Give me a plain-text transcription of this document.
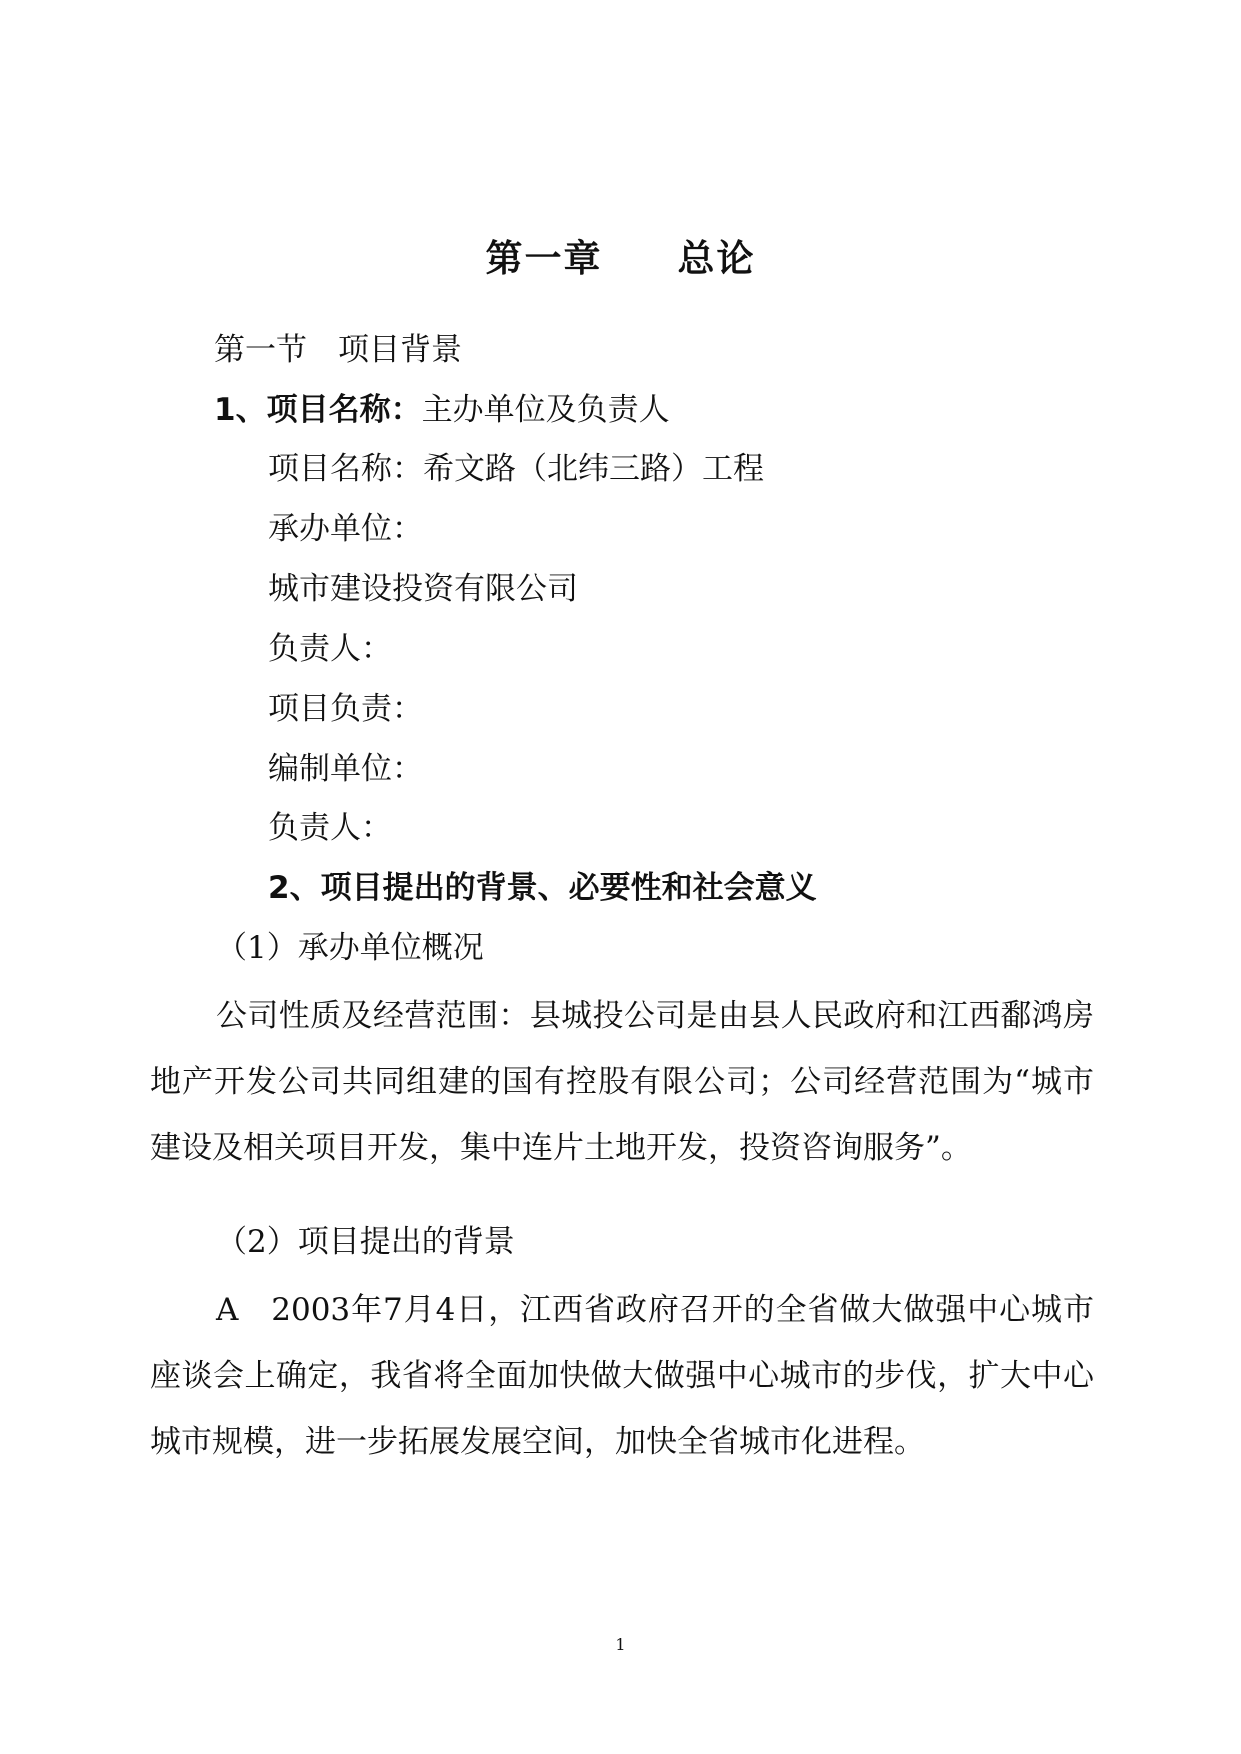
第一章 总论
第一节　项目背景
1、项目名称：主办单位及负责人
项目名称：希文路（北纬三路）工程
承办单位：
城市建设投资有限公司
负责人：
项目负责：
编制单位：
负责人：
2、项目提出的背景、必要性和社会意义
（1）承办单位概况
公司性质及经营范围：县城投公司是由县人民政府和江西鄱鸿房地产开发公司共同组建的国有控股有限公司；公司经营范围为“城市建设及相关项目开发，集中连片土地开发，投资咨询服务”。
（2）项目提出的背景
A　2003年7月4日，江西省政府召开的全省做大做强中心城市座谈会上确定，我省将全面加快做大做强中心城市的步伐，扩大中心城市规模，进一步拓展发展空间，加快全省城市化进程。
1
